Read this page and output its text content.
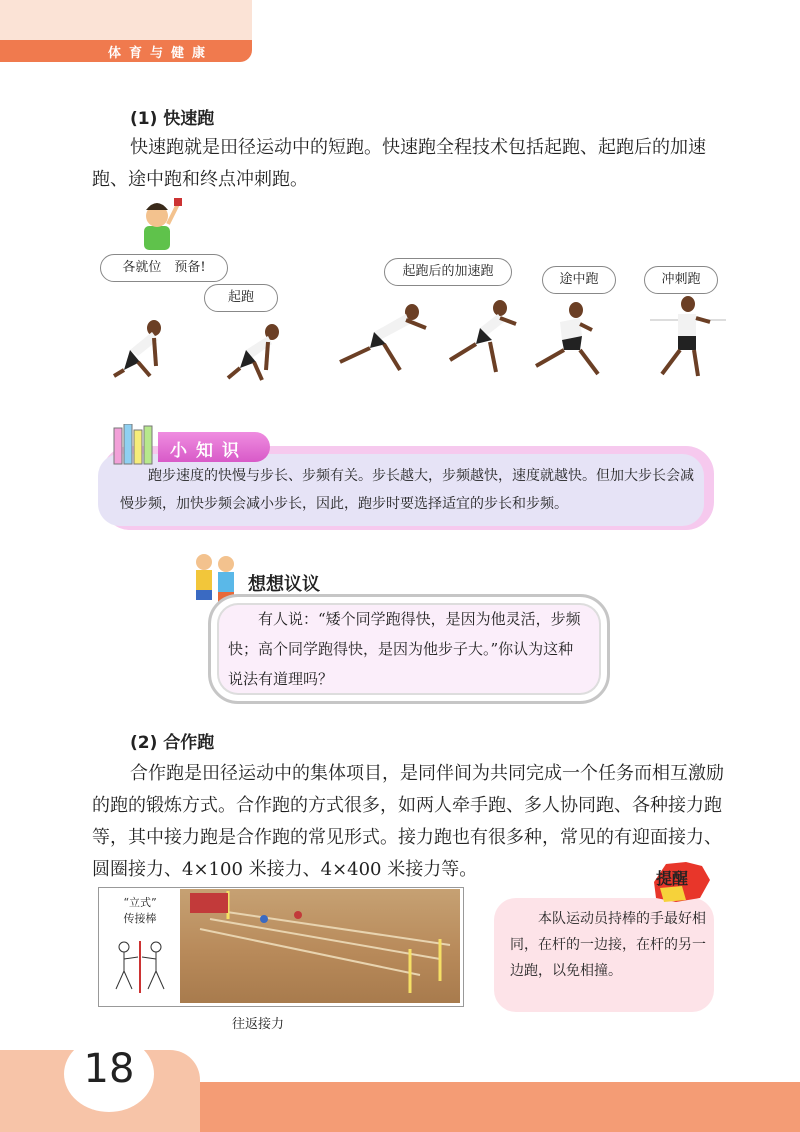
体育与健康
(1) 快速跑

快速跑就是田径运动中的短跑。快速跑全程技术包括起跑、起跑后的加速跑、途中跑和终点冲刺跑。

各就位　预备!
起跑
起跑后的加速跑
途中跑	冲刺跑
小知识
跑步速度的快慢与步长、步频有关。步长越大，步频越快，速度就越快。但加大步长会减慢步频，加快步频会减小步长，因此，跑步时要选择适宜的步长和步频。
想想议议
有人说：“矮个同学跑得快，是因为他灵活，步频快；高个同学跑得快，是因为他步子大。”你认为这种说法有道理吗？
(2) 合作跑

合作跑是田径运动中的集体项目，是同伴间为共同完成一个任务而相互激励的跑的锻炼方式。合作跑的方式很多，如两人牵手跑、多人协同跑、各种接力跑等，其中接力跑是合作跑的常见形式。接力跑也有很多种，常见的有迎面接力、圆圈接力、4×100 米接力、4×400 米接力等。

“立式”
传接棒
往返接力
提醒
本队运动员持棒的手最好相同，在杆的一边接，在杆的另一边跑，以免相撞。
18
